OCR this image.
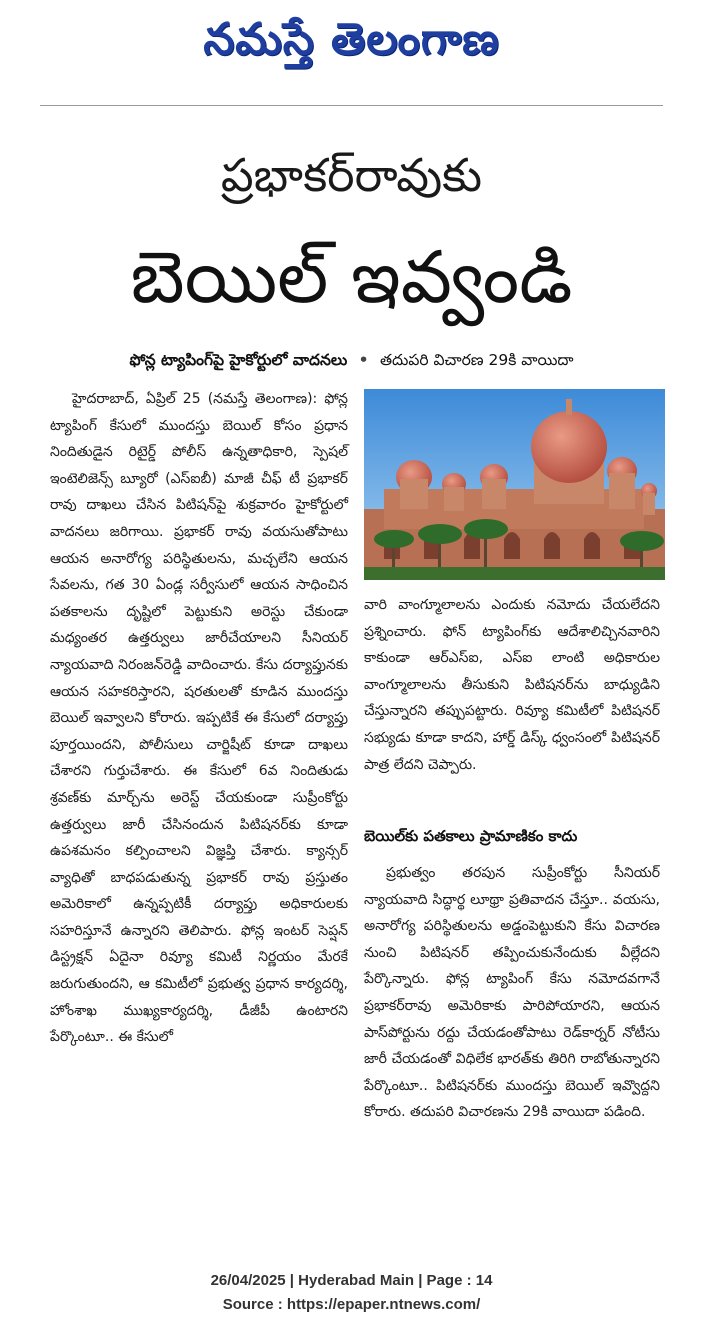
నమస్తే తెలంగాణ
ప్రభాకర్‌రావుకు
బెయిల్‌ ఇవ్వండి
ఫోన్ల ట్యాపింగ్‌పై హైకోర్టులో వాదనలు • తదుపరి విచారణ 29కి వాయిదా

హైదరాబాద్‌, ఏప్రిల్‌ 25 (నమస్తే తెలంగాణ): ఫోన్ల ట్యాపింగ్‌ కేసులో ముందస్తు బెయిల్‌ కోసం ప్రధాన నిందితుడైన రిటైర్డ్‌ పోలీస్‌ ఉన్నతాధికారి, స్పెషల్‌ ఇంటెలిజెన్స్‌ బ్యూరో (ఎస్‌ఐబీ) మాజీ చీఫ్‌ టీ ప్రభాకర్‌ రావు దాఖలు చేసిన పిటిషన్‌పై శుక్రవారం హైకోర్టులో వాదనలు జరిగాయి. ప్రభాకర్‌ రావు వయసుతోపాటు ఆయన అనారోగ్య పరిస్థితులను, మచ్చలేని ఆయన సేవలను, గత 30 ఏండ్ల సర్వీసులో ఆయన సాధించిన పతకాలను దృష్టిలో పెట్టుకుని అరెస్టు చేకుండా మధ్యంతర ఉత్తర్వులు జారీచేయాలని సీనియర్‌ న్యాయవాది నిరంజన్‌రెడ్డి వాదించారు. కేసు దర్యాప్తునకు ఆయన సహకరిస్తారని, షరతులతో కూడిన ముందస్తు బెయిల్‌ ఇవ్వాలని కోరారు. ఇప్పటికే ఈ కేసులో దర్యాప్తు పూర్తయిందని, పోలీసులు చార్జిషీట్‌ కూడా దాఖలు చేశారని గుర్తుచేశారు. ఈ కేసులో 6వ నిందితుడు శ్రవణ్‌కు మార్చ్‌ను అరెస్ట్‌ చేయకుండా సుప్రీంకోర్టు ఉత్తర్వులు జారీ చేసినందున పిటిషనర్‌కు కూడా ఉపశమనం కల్పించాలని విజ్ఞప్తి చేశారు. క్యాన్సర్‌ వ్యాధితో బాధపడుతున్న ప్రభాకర్‌ రావు ప్రస్తుతం అమెరికాలో ఉన్నప్పటికీ దర్యాప్తు అధికారులకు సహరిస్తూనే ఉన్నారని తెలిపారు. ఫోన్ల ఇంటర్‌ సెప్షన్‌ డిస్ట్రక్షన్‌ ఏదైనా రివ్యూ కమిటీ నిర్ణయం మేరకే జరుగుతుందని, ఆ కమిటీలో ప్రభుత్వ ప్రధాన కార్యదర్శి, హోంశాఖ ముఖ్యకార్యదర్శి, డీజీపీ ఉంటారని పేర్కొంటూ.. ఈ కేసులో

వారి వాంగ్మూలాలను ఎందుకు నమోదు చేయలేదని ప్రశ్నించారు. ఫోన్‌ ట్యాపింగ్‌కు ఆదేశాలిచ్చినవారిని కాకుండా ఆర్‌ఎస్‌ఐ, ఎస్‌ఐ లాంటి అధికారుల వాంగ్మూలాలను తీసుకుని పిటిషనర్‌ను బాధ్యుడిని చేస్తున్నారని తప్పుపట్టారు. రివ్యూ కమిటీలో పిటిషనర్‌ సభ్యుడు కూడా కాదని, హార్డ్‌ డిస్క్‌ ధ్వంసంలో పిటిషనర్‌ పాత్ర లేదని చెప్పారు.

బెయిల్‌కు పతకాలు ప్రామాణికం కాదు

ప్రభుత్వం తరపున సుప్రీంకోర్టు సీనియర్‌ న్యాయవాది సిద్ధార్థ లూథ్రా ప్రతివాదన చేస్తూ.. వయసు, అనారోగ్య పరిస్థితులను అడ్డంపెట్టుకుని కేసు విచారణ నుంచి పిటిషనర్‌ తప్పించుకునేందుకు వీల్లేదని పేర్కొన్నారు. ఫోన్ల ట్యాపింగ్‌ కేసు నమోదవగానే ప్రభాకర్‌రావు అమెరికాకు పారిపోయారని, ఆయన పాస్‌పోర్టును రద్దు చేయడంతోపాటు రెడ్‌కార్నర్‌ నోటీసు జారీ చేయడంతో విధిలేక భారత్‌కు తిరిగి రాబోతున్నారని పేర్కొంటూ.. పిటిషనర్‌కు ముందస్తు బెయిల్‌ ఇవ్వొద్దని కోరారు. తదుపరి విచారణను 29కి వాయిదా పడింది.

26/04/2025 | Hyderabad Main | Page : 14
Source : https://epaper.ntnews.com/
